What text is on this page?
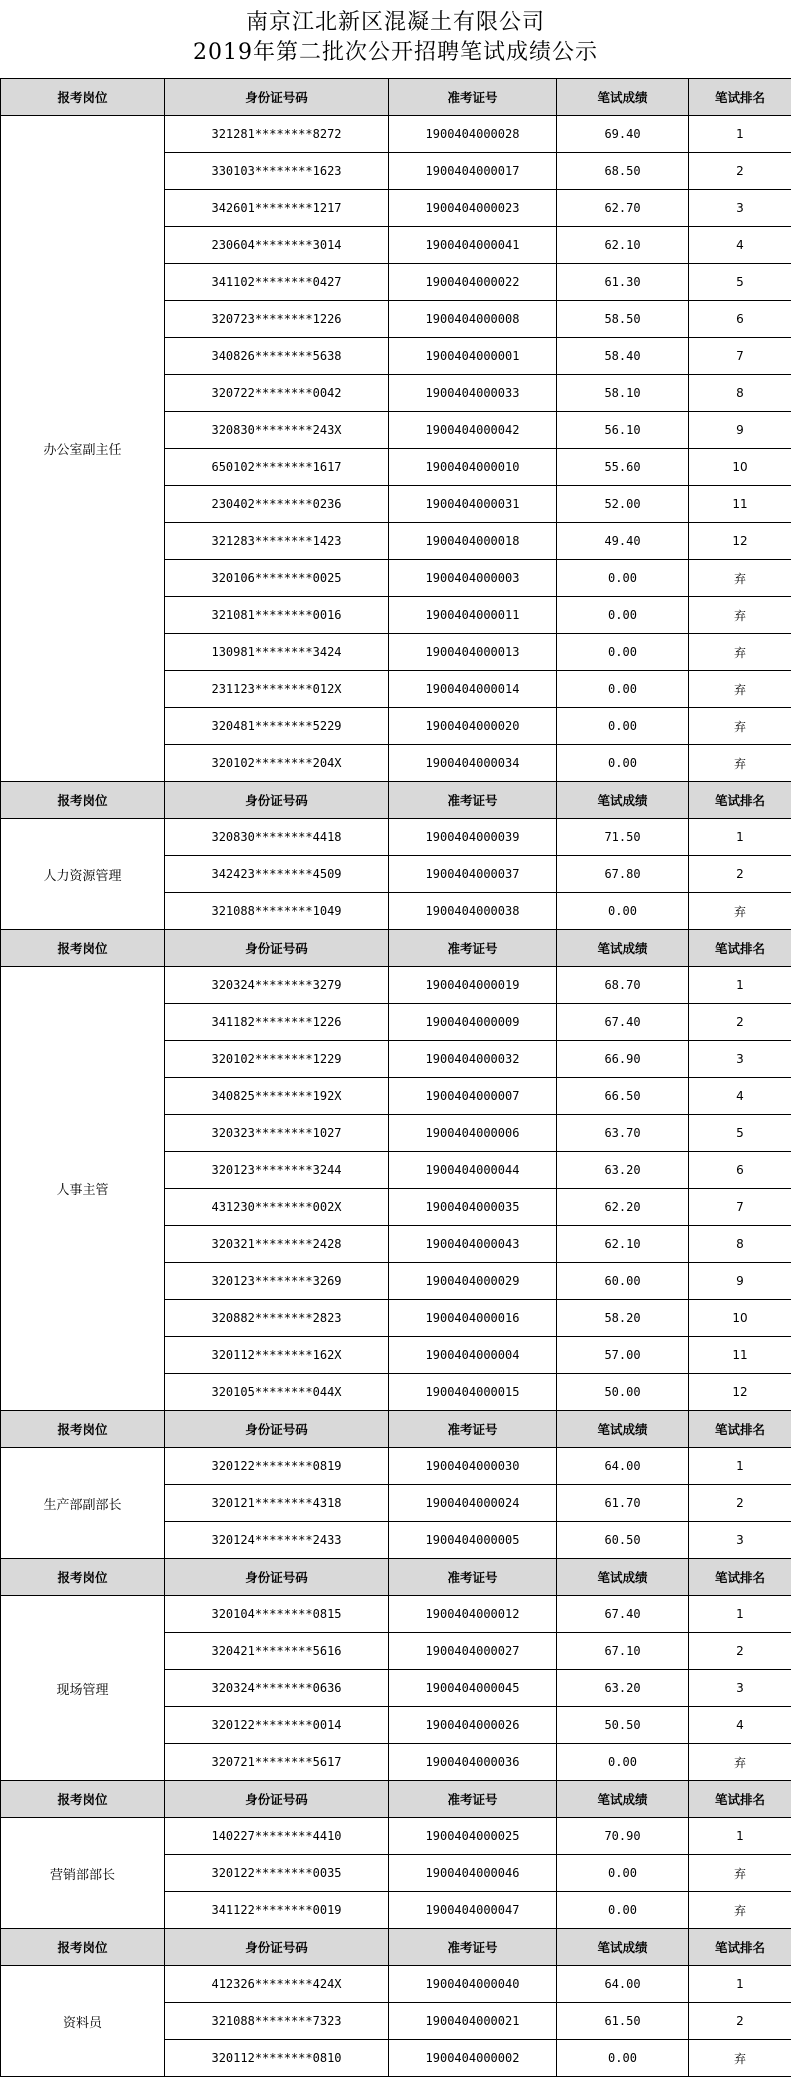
南京江北新区混凝土有限公司
2019年第二批次公开招聘笔试成绩公示
报考岗位	身份证号码	准考证号	笔试成绩	笔试排名
办公室副主任	321281********8272	1900404000028	69.40	1
	330103********1623	1900404000017	68.50	2
	342601********1217	1900404000023	62.70	3
	230604********3014	1900404000041	62.10	4
	341102********0427	1900404000022	61.30	5
	320723********1226	1900404000008	58.50	6
	340826********5638	1900404000001	58.40	7
	320722********0042	1900404000033	58.10	8
	320830********243X	1900404000042	56.10	9
	650102********1617	1900404000010	55.60	10
	230402********0236	1900404000031	52.00	11
	321283********1423	1900404000018	49.40	12
	320106********0025	1900404000003	0.00	弃
	321081********0016	1900404000011	0.00	弃
	130981********3424	1900404000013	0.00	弃
	231123********012X	1900404000014	0.00	弃
	320481********5229	1900404000020	0.00	弃
	320102********204X	1900404000034	0.00	弃
报考岗位	身份证号码	准考证号	笔试成绩	笔试排名
人力资源管理	320830********4418	1900404000039	71.50	1
	342423********4509	1900404000037	67.80	2
	321088********1049	1900404000038	0.00	弃
报考岗位	身份证号码	准考证号	笔试成绩	笔试排名
人事主管	320324********3279	1900404000019	68.70	1
	341182********1226	1900404000009	67.40	2
	320102********1229	1900404000032	66.90	3
	340825********192X	1900404000007	66.50	4
	320323********1027	1900404000006	63.70	5
	320123********3244	1900404000044	63.20	6
	431230********002X	1900404000035	62.20	7
	320321********2428	1900404000043	62.10	8
	320123********3269	1900404000029	60.00	9
	320882********2823	1900404000016	58.20	10
	320112********162X	1900404000004	57.00	11
	320105********044X	1900404000015	50.00	12
报考岗位	身份证号码	准考证号	笔试成绩	笔试排名
生产部副部长	320122********0819	1900404000030	64.00	1
	320121********4318	1900404000024	61.70	2
	320124********2433	1900404000005	60.50	3
报考岗位	身份证号码	准考证号	笔试成绩	笔试排名
现场管理	320104********0815	1900404000012	67.40	1
	320421********5616	1900404000027	67.10	2
	320324********0636	1900404000045	63.20	3
	320122********0014	1900404000026	50.50	4
	320721********5617	1900404000036	0.00	弃
报考岗位	身份证号码	准考证号	笔试成绩	笔试排名
营销部部长	140227********4410	1900404000025	70.90	1
	320122********0035	1900404000046	0.00	弃
	341122********0019	1900404000047	0.00	弃
报考岗位	身份证号码	准考证号	笔试成绩	笔试排名
资料员	412326********424X	1900404000040	64.00	1
	321088********7323	1900404000021	61.50	2
	320112********0810	1900404000002	0.00	弃
